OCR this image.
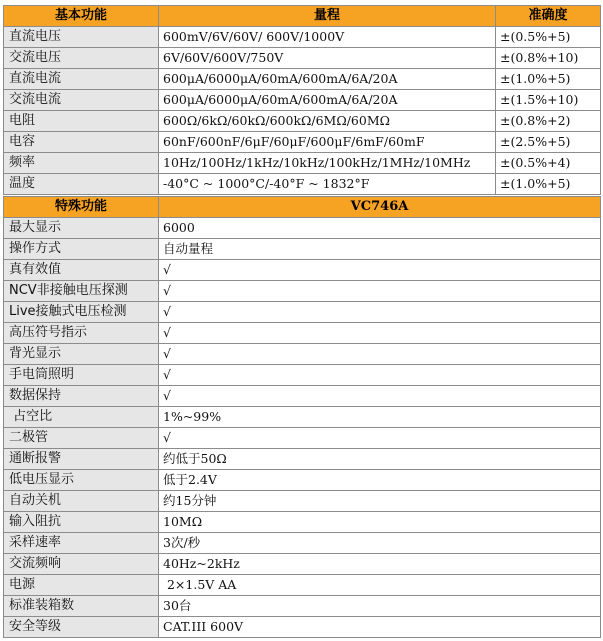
基本功能	量程	准确度
直流电压	600mV/6V/60V/ 600V/1000V	±(0.5%+5)
交流电压	6V/60V/600V/750V	±(0.8%+10)
直流电流	600μA/6000μA/60mA/600mA/6A/20A	±(1.0%+5)
交流电流	600μA/6000μA/60mA/600mA/6A/20A	±(1.5%+10)
电阻	600Ω/6kΩ/60kΩ/600kΩ/6MΩ/60MΩ	±(0.8%+2)
电容	60nF/600nF/6μF/60μF/600μF/6mF/60mF	±(2.5%+5)
频率	10Hz/100Hz/1kHz/10kHz/100kHz/1MHz/10MHz	±(0.5%+4)
温度	-40°C ~ 1000°C/-40°F ~ 1832°F	±(1.0%+5)
特殊功能	VC746A
最大显示	6000
操作方式	自动量程
真有效值	√
NCV非接触电压探测	√
Live接触式电压检测	√
高压符号指示	√
背光显示	√
手电筒照明	√
数据保持	√
占空比	1%~99%
二极管	√
通断报警	约低于50Ω
低电压显示	低于2.4V
自动关机	约15分钟
输入阻抗	10MΩ
采样速率	3次/秒
交流频响	40Hz~2kHz
电源	2×1.5V AA
标准装箱数	30台
安全等级	CAT.III 600V
